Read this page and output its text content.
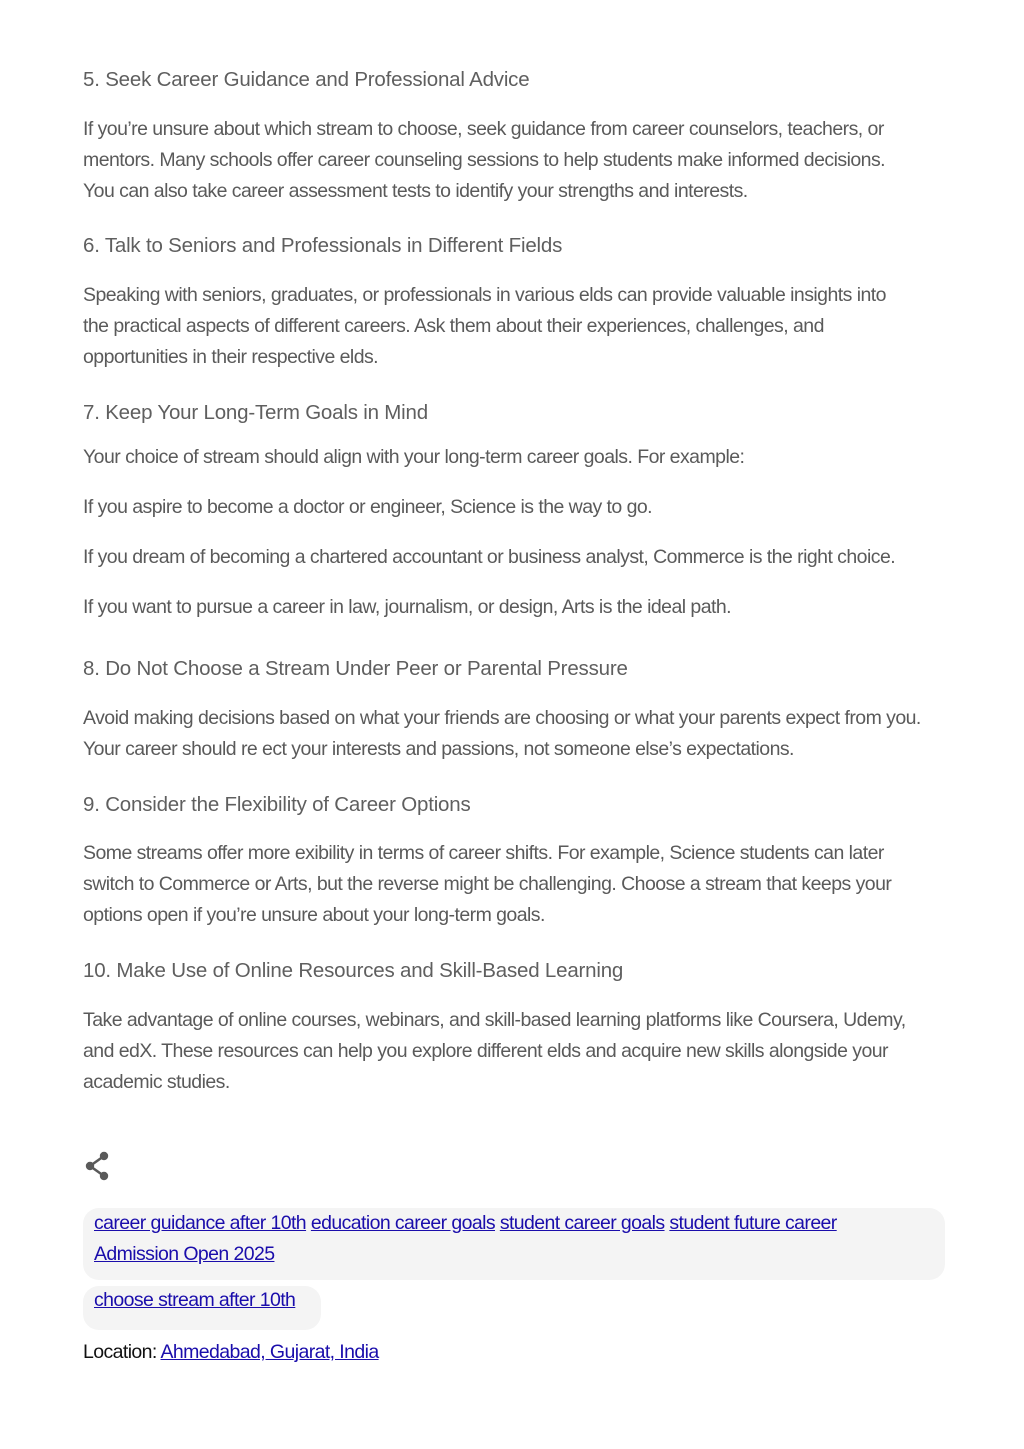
5. Seek Career Guidance and Professional Advice
If you’re unsure about which stream to choose, seek guidance from career counselors, teachers, or
mentors. Many schools offer career counseling sessions to help students make informed decisions.
You can also take career assessment tests to identify your strengths and interests.
6. Talk to Seniors and Professionals in Different Fields
Speaking with seniors, graduates, or professionals in various elds can provide valuable insights into
the practical aspects of different careers. Ask them about their experiences, challenges, and
opportunities in their respective elds.
7. Keep Your Long-Term Goals in Mind
Your choice of stream should align with your long-term career goals. For example:
If you aspire to become a doctor or engineer, Science is the way to go.
If you dream of becoming a chartered accountant or business analyst, Commerce is the right choice.
If you want to pursue a career in law, journalism, or design, Arts is the ideal path.
8. Do Not Choose a Stream Under Peer or Parental Pressure
Avoid making decisions based on what your friends are choosing or what your parents expect from you.
Your career should re ect your interests and passions, not someone else’s expectations.
9. Consider the Flexibility of Career Options
Some streams offer more exibility in terms of career shifts. For example, Science students can later
switch to Commerce or Arts, but the reverse might be challenging. Choose a stream that keeps your
options open if you’re unsure about your long-term goals.
10. Make Use of Online Resources and Skill-Based Learning
Take advantage of online courses, webinars, and skill-based learning platforms like Coursera, Udemy,
and edX. These resources can help you explore different elds and acquire new skills alongside your
academic studies.
career guidance after 10th education career goals student career goals student future career
Admission Open 2025
choose stream after 10th
Location: Ahmedabad, Gujarat, India
